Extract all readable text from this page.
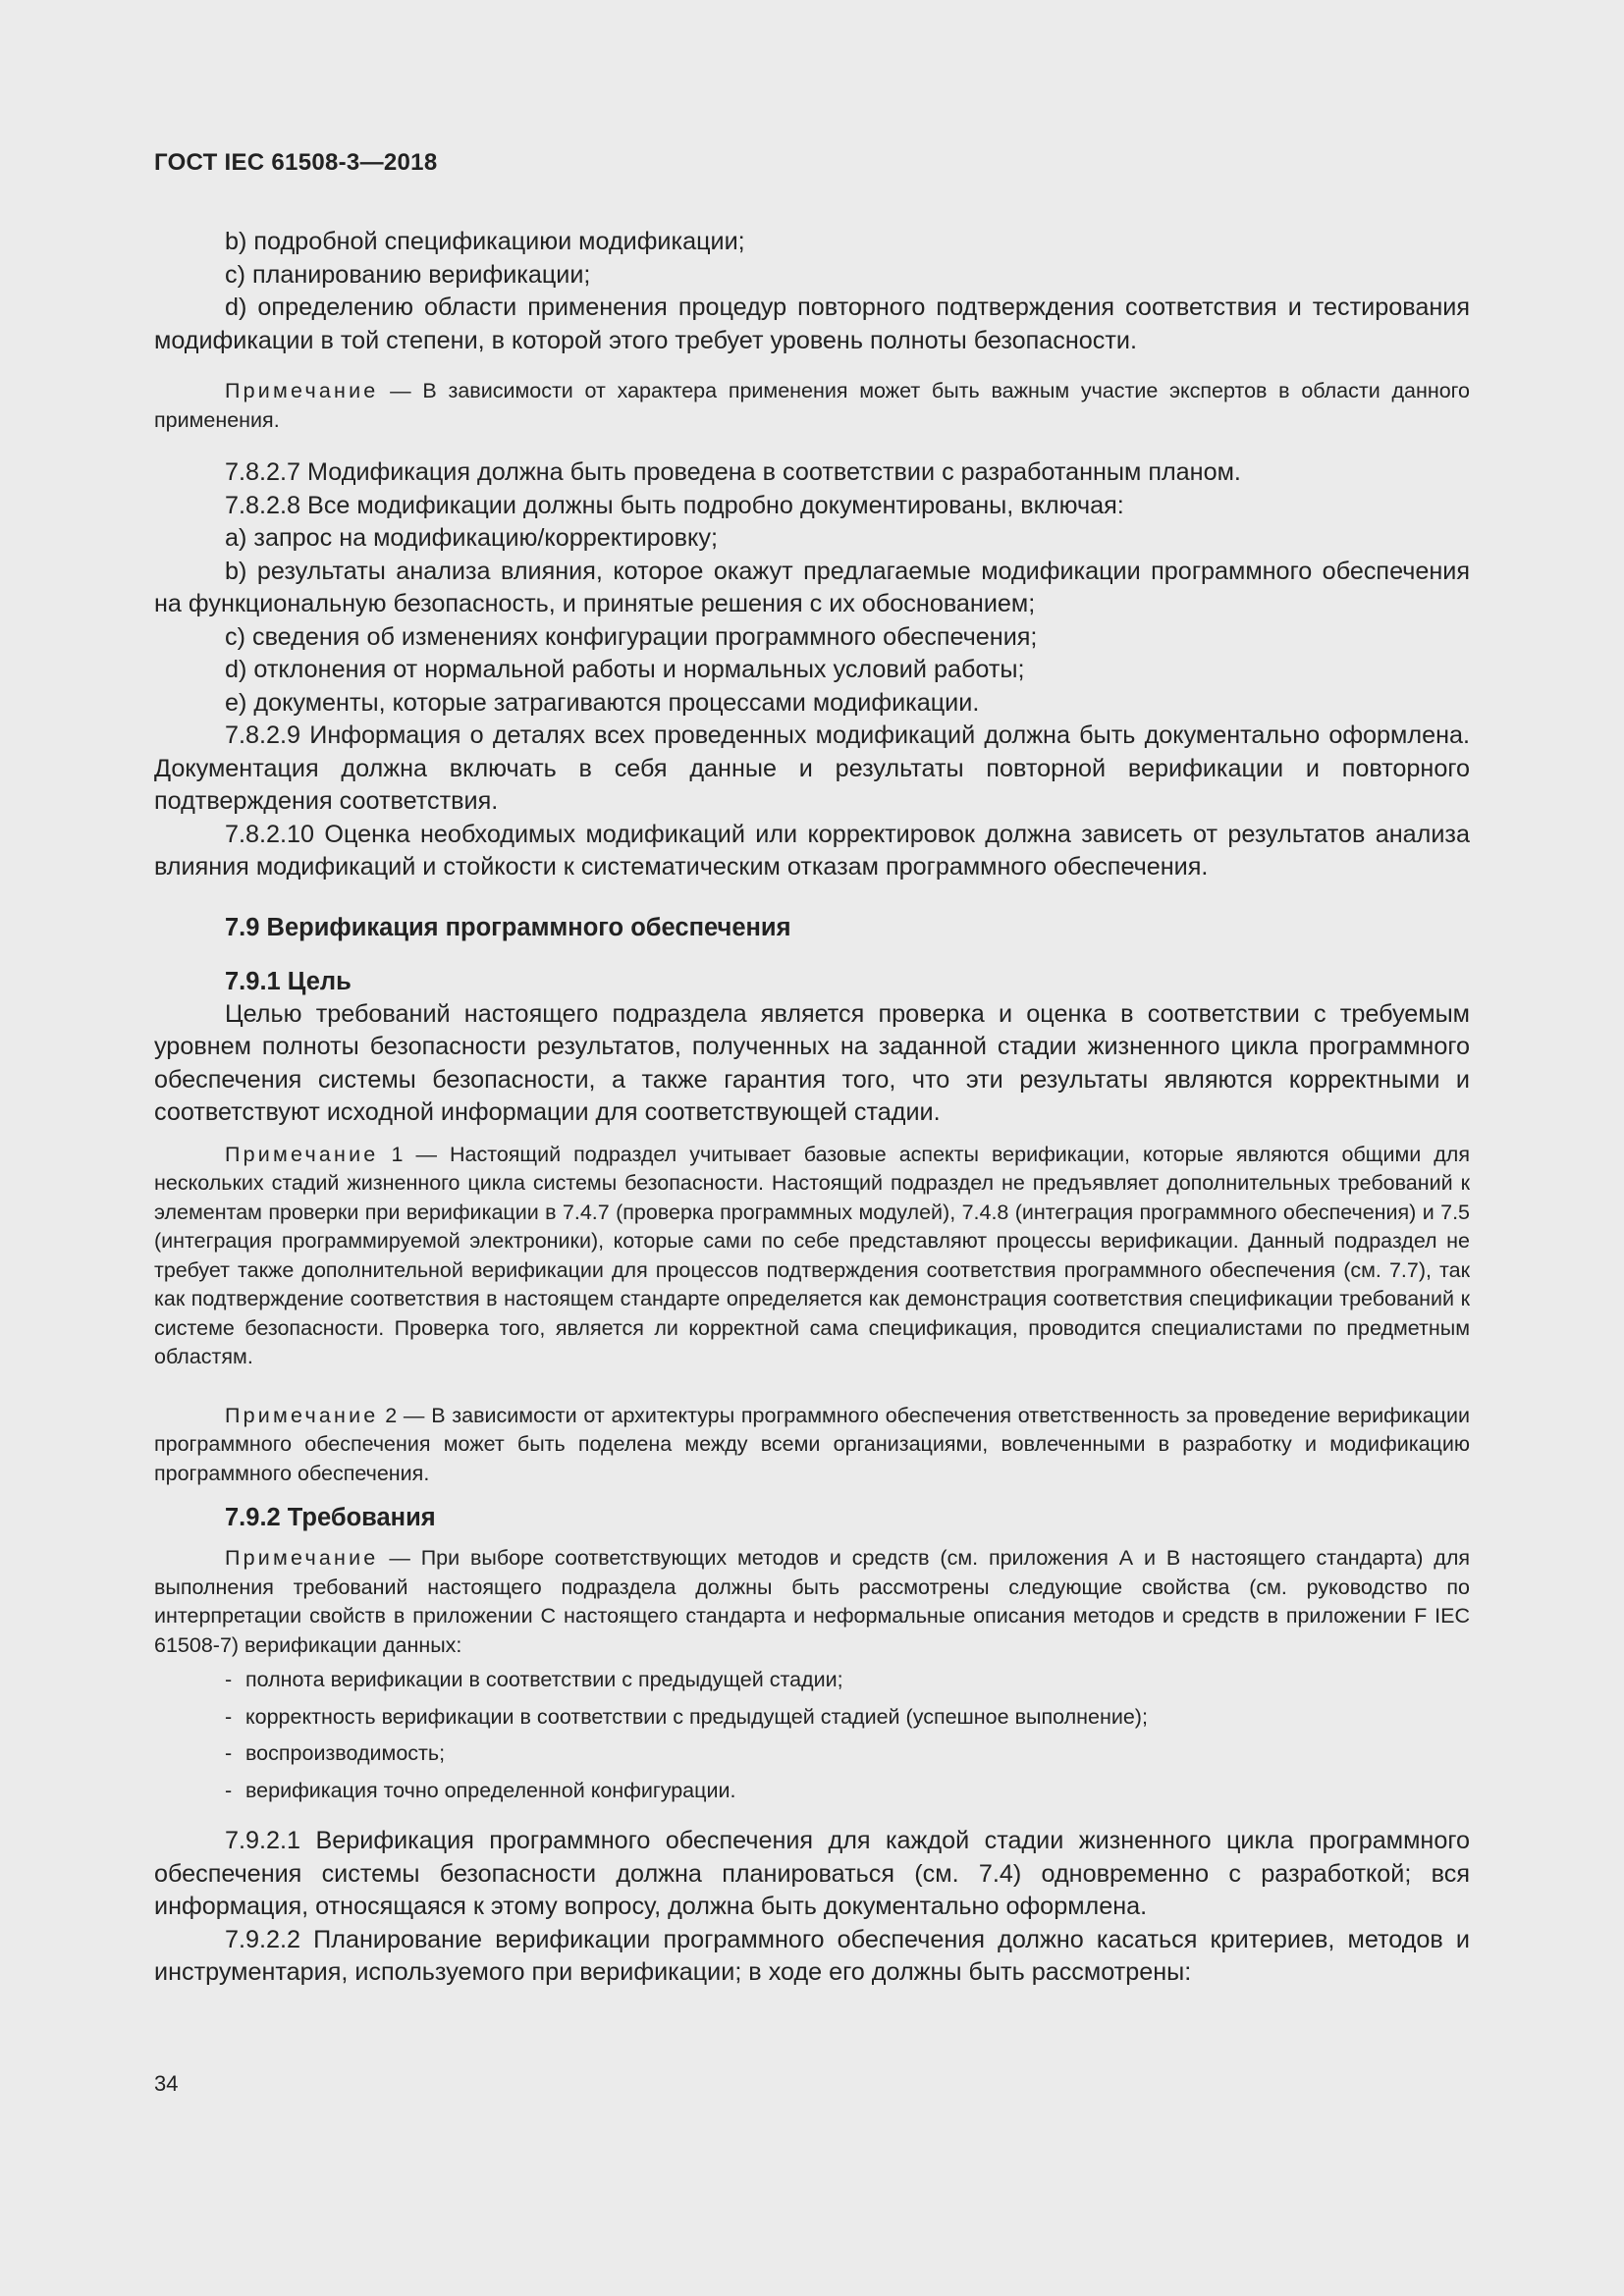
ГОСТ IEC 61508-3—2018

b) подробной спецификациюи модификации;

c) планированию верификации;

d) определению области применения процедур повторного подтверждения соответствия и тестирования модификации в той степени, в которой этого требует уровень полноты безопасности.

Примечание — В зависимости от характера применения может быть важным участие экспертов в области данного применения.

7.8.2.7 Модификация должна быть проведена в соответствии с разработанным планом.

7.8.2.8 Все модификации должны быть подробно документированы, включая:

a) запрос на модификацию/корректировку;

b) результаты анализа влияния, которое окажут предлагаемые модификации программного обеспечения на функциональную безопасность, и принятые решения с их обоснованием;

c) сведения об изменениях конфигурации программного обеспечения;

d) отклонения от нормальной работы и нормальных условий работы;

e) документы, которые затрагиваются процессами модификации.

7.8.2.9 Информация о деталях всех проведенных модификаций должна быть документально оформлена. Документация должна включать в себя данные и результаты повторной верификации и повторного подтверждения соответствия.

7.8.2.10 Оценка необходимых модификаций или корректировок должна зависеть от результатов анализа влияния модификаций и стойкости к систематическим отказам программного обеспечения.

7.9 Верификация программного обеспечения
7.9.1 Цель

Целью требований настоящего подраздела является проверка и оценка в соответствии с требуемым уровнем полноты безопасности результатов, полученных на заданной стадии жизненного цикла программного обеспечения системы безопасности, а также гарантия того, что эти результаты являются корректными и соответствуют исходной информации для соответствующей стадии.

Примечание 1 — Настоящий подраздел учитывает базовые аспекты верификации, которые являются общими для нескольких стадий жизненного цикла системы безопасности. Настоящий подраздел не предъявляет дополнительных требований к элементам проверки при верификации в 7.4.7 (проверка программных модулей), 7.4.8 (интеграция программного обеспечения) и 7.5 (интеграция программируемой электроники), которые сами по себе представляют процессы верификации. Данный подраздел не требует также дополнительной верификации для процессов подтверждения соответствия программного обеспечения (см. 7.7), так как подтверждение соответствия в настоящем стандарте определяется как демонстрация соответствия спецификации требований к системе безопасности. Проверка того, является ли корректной сама спецификация, проводится специалистами по предметным областям.

Примечание 2 — В зависимости от архитектуры программного обеспечения ответственность за проведение верификации программного обеспечения может быть поделена между всеми организациями, вовлеченными в разработку и модификацию программного обеспечения.

7.9.2 Требования

Примечание — При выборе соответствующих методов и средств (см. приложения А и В настоящего стандарта) для выполнения требований настоящего подраздела должны быть рассмотрены следующие свойства (см. руководство по интерпретации свойств в приложении С настоящего стандарта и неформальные описания методов и средств в приложении F IEC 61508-7) верификации данных:

- полнота верификации в соответствии с предыдущей стадии;
- корректность верификации в соответствии с предыдущей стадией (успешное выполнение);
- воспроизводимость;
- верификация точно определенной конфигурации.

7.9.2.1 Верификация программного обеспечения для каждой стадии жизненного цикла программного обеспечения системы безопасности должна планироваться (см. 7.4) одновременно с разработкой; вся информация, относящаяся к этому вопросу, должна быть документально оформлена.

7.9.2.2 Планирование верификации программного обеспечения должно касаться критериев, методов и инструментария, используемого при верификации; в ходе его должны быть рассмотрены:

34
